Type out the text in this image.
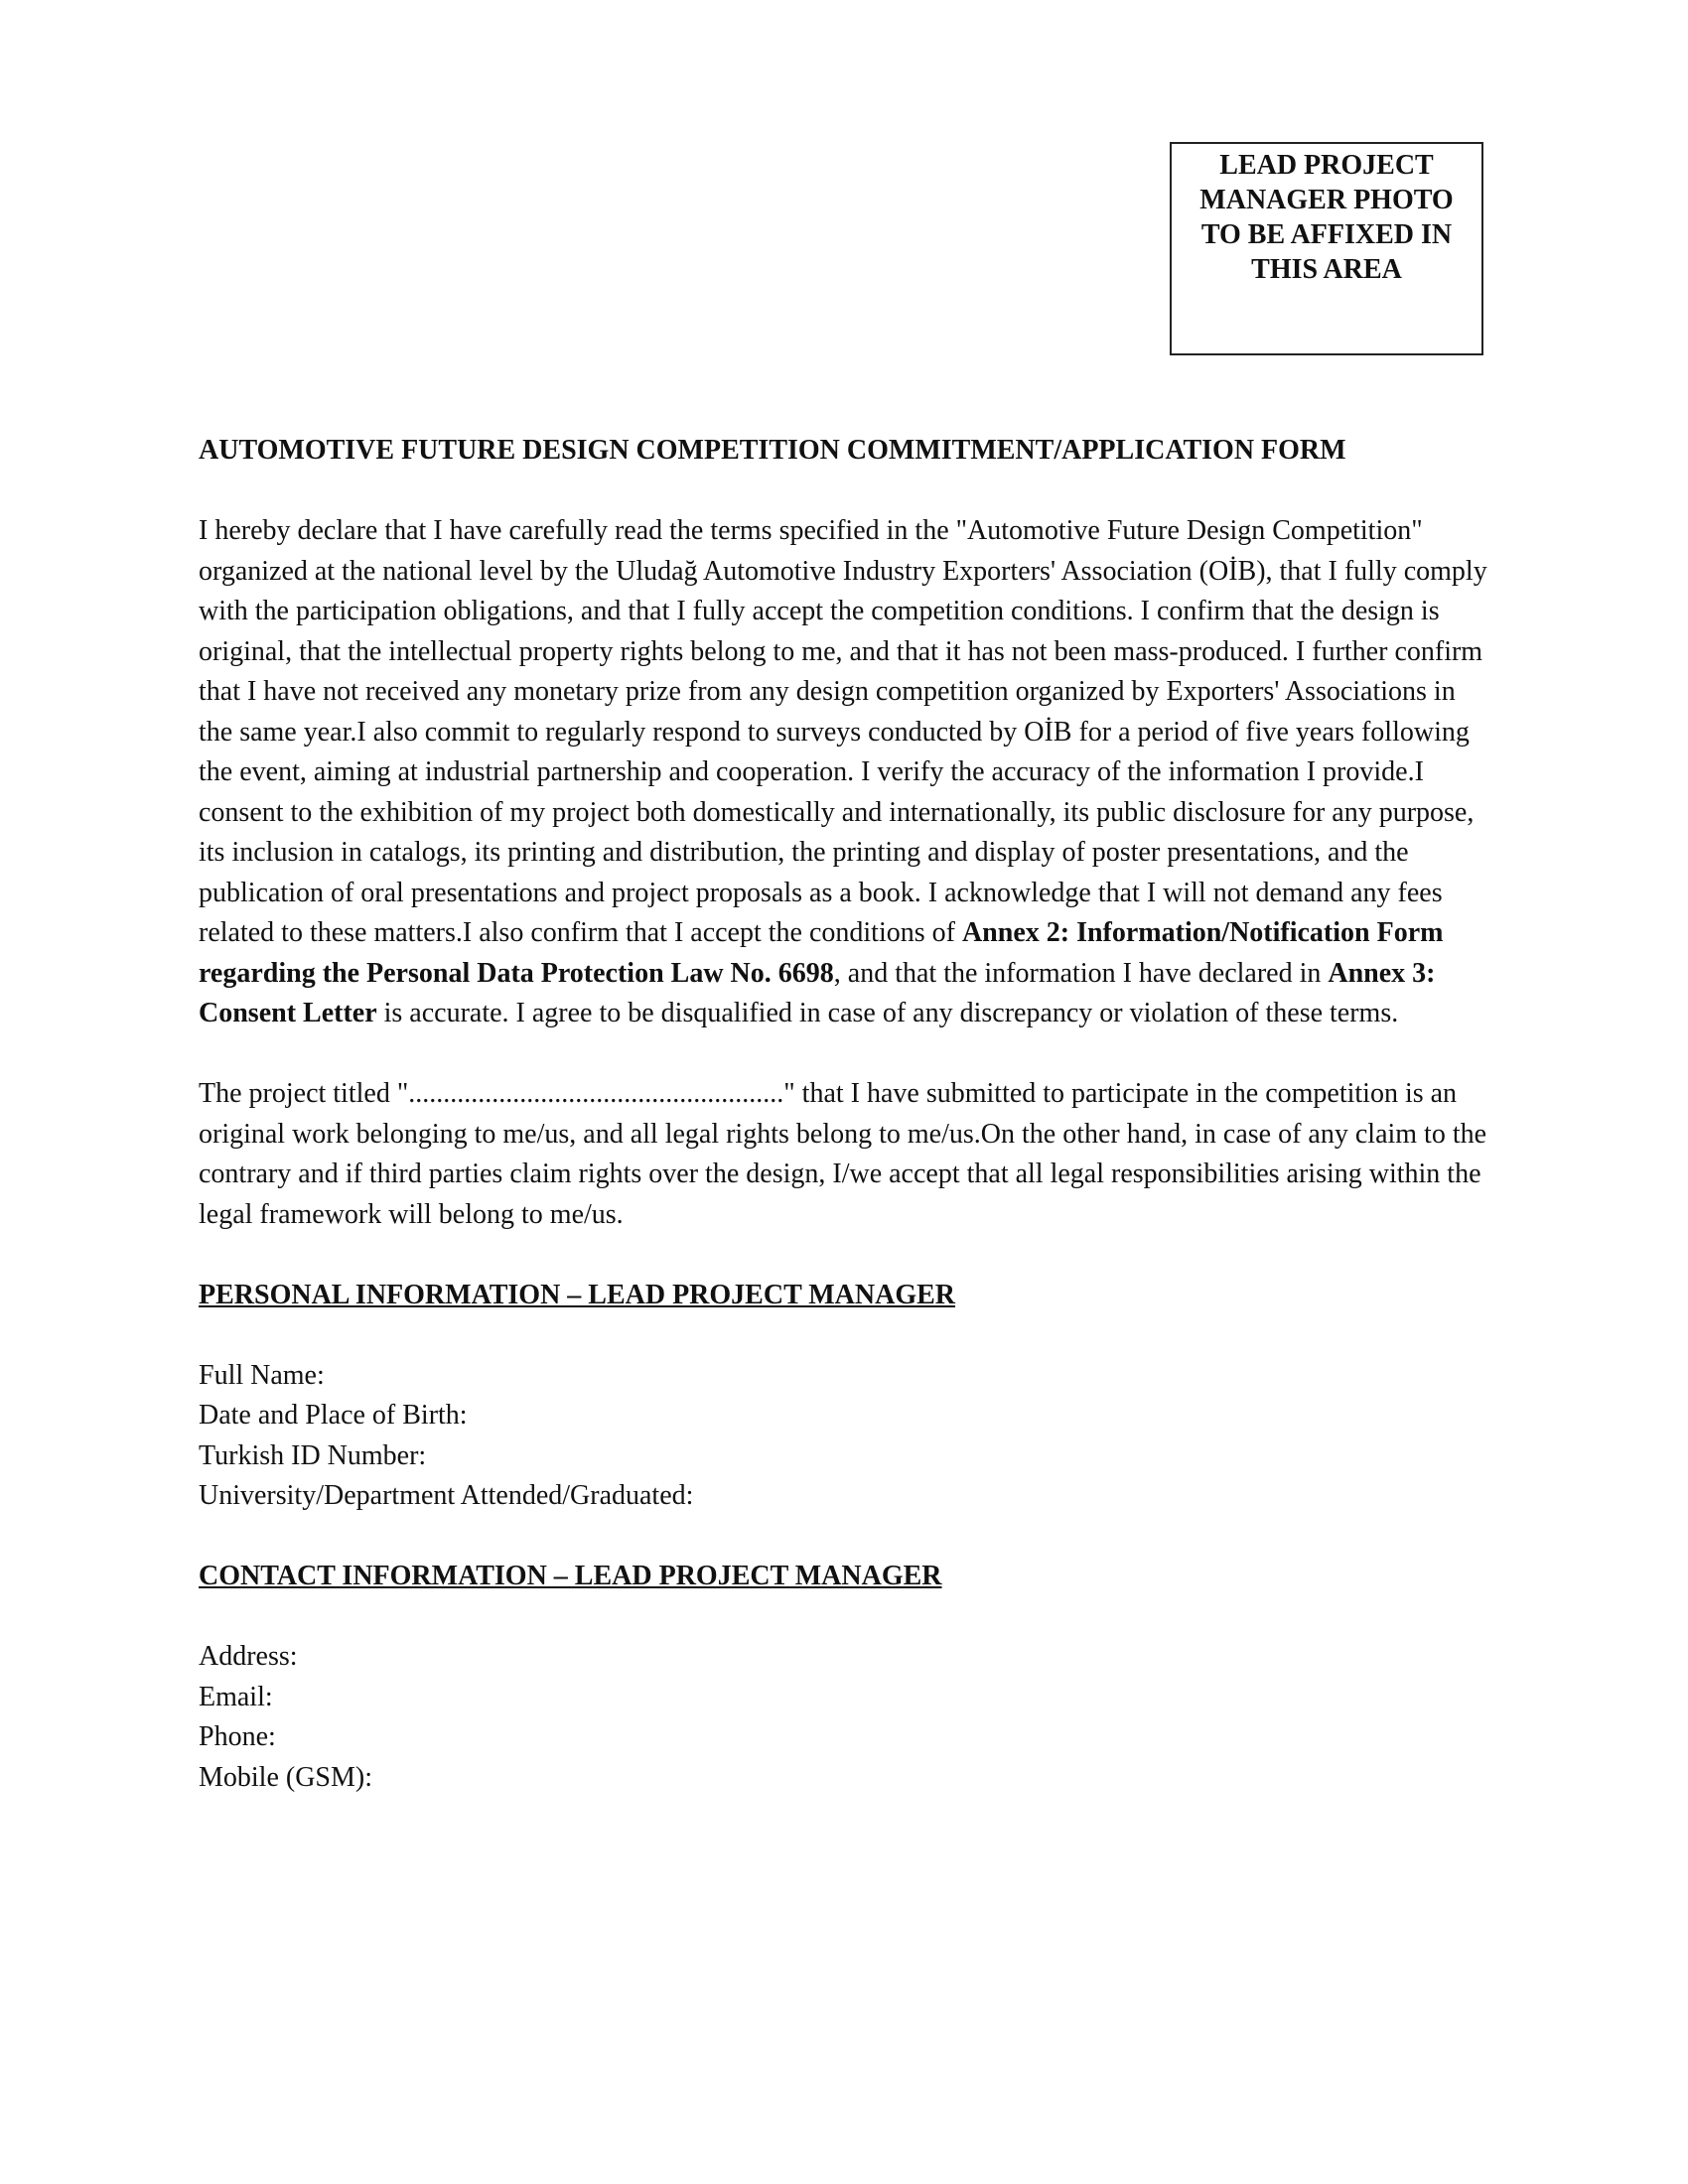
LEAD PROJECT
MANAGER PHOTO
TO BE AFFIXED IN
THIS AREA

AUTOMOTIVE FUTURE DESIGN COMPETITION COMMITMENT/APPLICATION FORM

I hereby declare that I have carefully read the terms specified in the "Automotive Future Design Competition" organized at the national level by the Uludağ Automotive Industry Exporters' Association (OİB), that I fully comply with the participation obligations, and that I fully accept the competition conditions. I confirm that the design is original, that the intellectual property rights belong to me, and that it has not been mass-produced. I further confirm that I have not received any monetary prize from any design competition organized by Exporters' Associations in the same year.I also commit to regularly respond to surveys conducted by OİB for a period of five years following the event, aiming at industrial partnership and cooperation. I verify the accuracy of the information I provide.I consent to the exhibition of my project both domestically and internationally, its public disclosure for any purpose, its inclusion in catalogs, its printing and distribution, the printing and display of poster presentations, and the publication of oral presentations and project proposals as a book. I acknowledge that I will not demand any fees related to these matters.I also confirm that I accept the conditions of Annex 2: Information/Notification Form regarding the Personal Data Protection Law No. 6698, and that the information I have declared in Annex 3: Consent Letter is accurate. I agree to be disqualified in case of any discrepancy or violation of these terms.

The project titled "......................................................" that I have submitted to participate in the competition is an original work belonging to me/us, and all legal rights belong to me/us.On the other hand, in case of any claim to the contrary and if third parties claim rights over the design, I/we accept that all legal responsibilities arising within the legal framework will belong to me/us.

PERSONAL INFORMATION – LEAD PROJECT MANAGER

Full Name:
Date and Place of Birth:
Turkish ID Number:
University/Department Attended/Graduated:

CONTACT INFORMATION – LEAD PROJECT MANAGER

Address:
Email:
Phone:
Mobile (GSM):
